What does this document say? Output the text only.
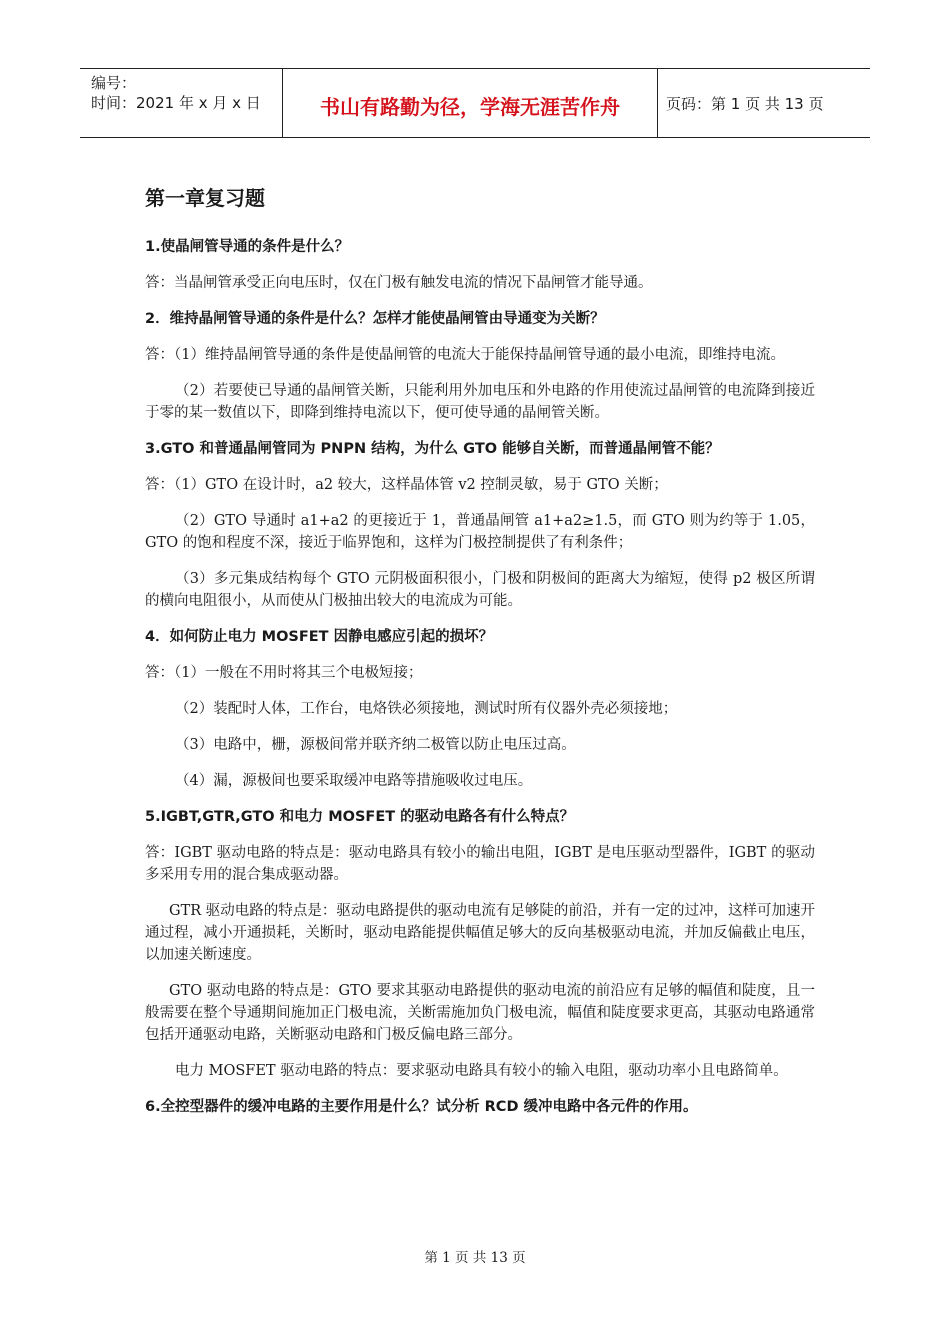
编号：
时间：2021 年 x 月 x 日	书山有路勤为径，学海无涯苦作舟	页码：第 1 页 共 13 页
第一章复习题

1.使晶闸管导通的条件是什么？

答：当晶闸管承受正向电压时，仅在门极有触发电流的情况下晶闸管才能导通。

2．维持晶闸管导通的条件是什么？怎样才能使晶闸管由导通变为关断？

答：（1）维持晶闸管导通的条件是使晶闸管的电流大于能保持晶闸管导通的最小电流，即维持电流。

（2）若要使已导通的晶闸管关断，只能利用外加电压和外电路的作用使流过晶闸管的电流降到接近于零的某一数值以下，即降到维持电流以下，便可使导通的晶闸管关断。

3.GTO 和普通晶闸管同为 PNPN 结构，为什么 GTO 能够自关断，而普通晶闸管不能？

答：（1）GTO 在设计时，a2 较大，这样晶体管 v2 控制灵敏，易于 GTO 关断；

（2）GTO 导通时 a1+a2 的更接近于 1，普通晶闸管 a1+a2≥1.5，而 GTO 则为约等于 1.05，GTO 的饱和程度不深，接近于临界饱和，这样为门极控制提供了有利条件；

（3）多元集成结构每个 GTO 元阴极面积很小，门极和阴极间的距离大为缩短，使得 p2 极区所谓的横向电阻很小，从而使从门极抽出较大的电流成为可能。

4．如何防止电力 MOSFET 因静电感应引起的损坏？

答：（1）一般在不用时将其三个电极短接；

（2）装配时人体，工作台，电烙铁必须接地，测试时所有仪器外壳必须接地；

（3）电路中，栅，源极间常并联齐纳二极管以防止电压过高。

（4）漏，源极间也要采取缓冲电路等措施吸收过电压。

5.IGBT,GTR,GTO 和电力 MOSFET 的驱动电路各有什么特点？

答：IGBT 驱动电路的特点是：驱动电路具有较小的输出电阻，IGBT 是电压驱动型器件，IGBT 的驱动多采用专用的混合集成驱动器。

GTR 驱动电路的特点是：驱动电路提供的驱动电流有足够陡的前沿，并有一定的过冲，这样可加速开通过程，减小开通损耗，关断时，驱动电路能提供幅值足够大的反向基极驱动电流，并加反偏截止电压，以加速关断速度。

GTO 驱动电路的特点是：GTO 要求其驱动电路提供的驱动电流的前沿应有足够的幅值和陡度，且一般需要在整个导通期间施加正门极电流，关断需施加负门极电流，幅值和陡度要求更高，其驱动电路通常包括开通驱动电路，关断驱动电路和门极反偏电路三部分。

电力 MOSFET 驱动电路的特点：要求驱动电路具有较小的输入电阻，驱动功率小且电路简单。

6.全控型器件的缓冲电路的主要作用是什么？试分析 RCD 缓冲电路中各元件的作用。

第 1 页 共 13 页
